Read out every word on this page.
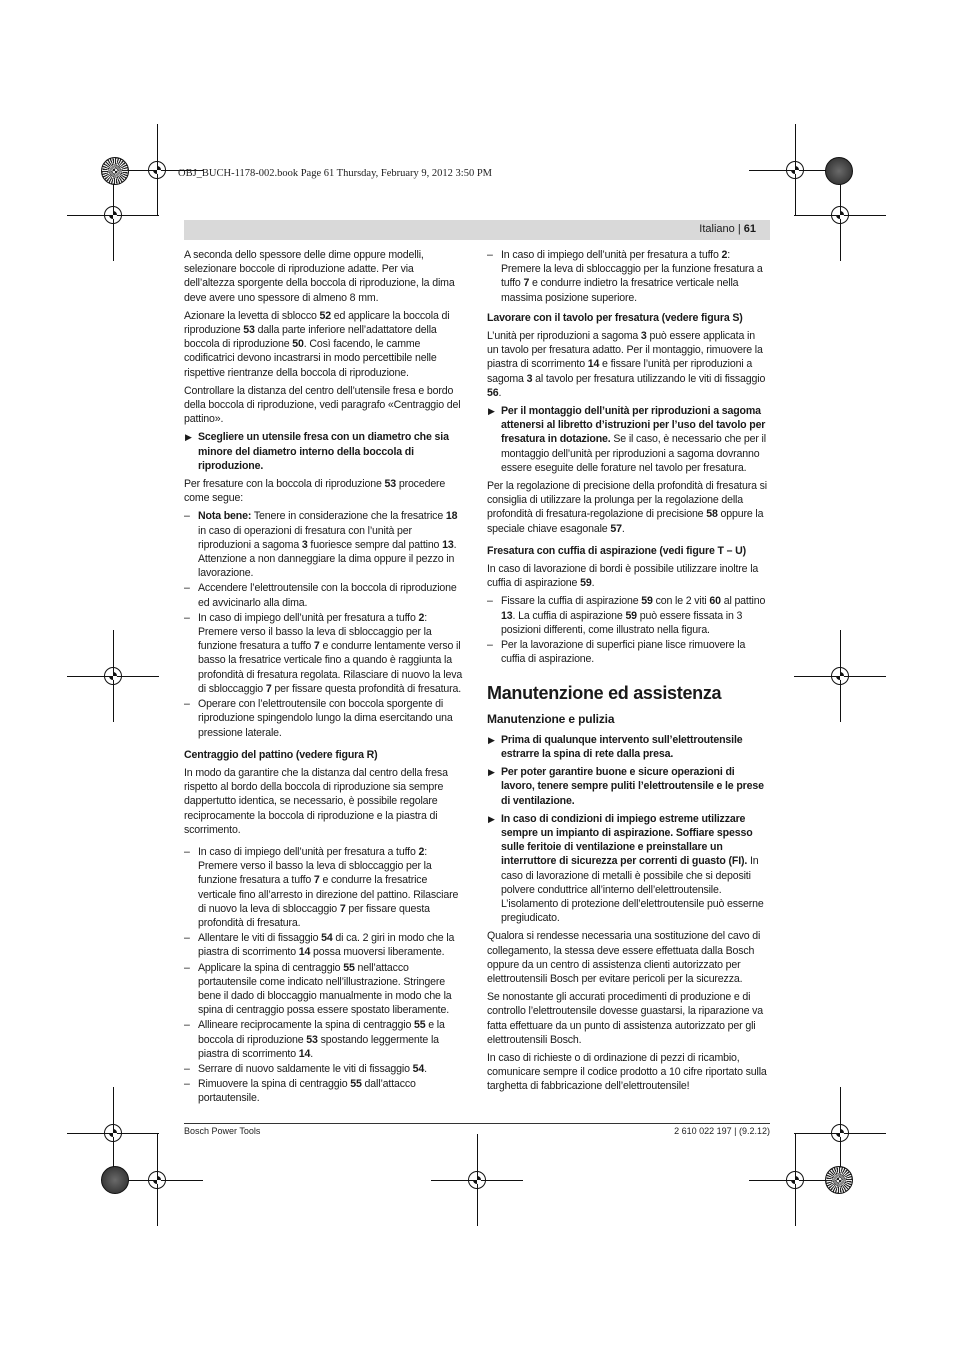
OBJ_BUCH-1178-002.book Page 61 Thursday, February 9, 2012 3:50 PM
Italiano | 61

A seconda dello spessore delle dime oppure modelli, selezionare boccole di riproduzione adatte. Per via dell’altezza sporgente della boccola di riproduzione, la dima deve avere uno spessore di almeno 8 mm.

Azionare la levetta di sblocco 52 ed applicare la boccola di riproduzione 53 dalla parte inferiore nell’adattatore della boccola di riproduzione 50. Così facendo, le camme codificatrici devono incastrarsi in modo percettibile nelle rispettive rientranze della boccola di riproduzione.

Controllare la distanza del centro dell’utensile fresa e bordo della boccola di riproduzione, vedi paragrafo «Centraggio del pattino».

▶ Scegliere un utensile fresa con un diametro che sia minore del diametro interno della boccola di riproduzione.

Per fresature con la boccola di riproduzione 53 procedere come segue:

– Nota bene: Tenere in considerazione che la fresatrice 18 in caso di operazioni di fresatura con l’unità per riproduzioni a sagoma 3 fuoriesce sempre dal pattino 13. Attenzione a non danneggiare la dima oppure il pezzo in lavorazione.
– Accendere l’elettroutensile con la boccola di riproduzione ed avvicinarlo alla dima.
– In caso di impiego dell’unità per fresatura a tuffo 2: Premere verso il basso la leva di sbloccaggio per la funzione fresatura a tuffo 7 e condurre lentamente verso il basso la fresatrice verticale fino a quando è raggiunta la profondità di fresatura regolata. Rilasciare di nuovo la leva di sbloccaggio 7 per fissare questa profondità di fresatura.
– Operare con l’elettroutensile con boccola sporgente di riproduzione spingendolo lungo la dima esercitando una pressione laterale.
Centraggio del pattino (vedere figura R)

In modo da garantire che la distanza dal centro della fresa rispetto al bordo della boccola di riproduzione sia sempre dappertutto identica, se necessario, è possibile regolare reciprocamente la boccola di riproduzione e la piastra di scorrimento.

– In caso di impiego dell’unità per fresatura a tuffo 2: Premere verso il basso la leva di sbloccaggio per la funzione fresatura a tuffo 7 e condurre la fresatrice verticale fino all’arresto in direzione del pattino. Rilasciare di nuovo la leva di sbloccaggio 7 per fissare questa profondità di fresatura.
– Allentare le viti di fissaggio 54 di ca. 2 giri in modo che la piastra di scorrimento 14 possa muoversi liberamente.
– Applicare la spina di centraggio 55 nell’attacco portautensile come indicato nell’illustrazione. Stringere bene il dado di bloccaggio manualmente in modo che la spina di centraggio possa essere spostato liberamente.
– Allineare reciprocamente la spina di centraggio 55 e la boccola di riproduzione 53 spostando leggermente la piastra di scorrimento 14.
– Serrare di nuovo saldamente le viti di fissaggio 54.
– Rimuovere la spina di centraggio 55 dall’attacco portautensile.
– In caso di impiego dell’unità per fresatura a tuffo 2: Premere la leva di sbloccaggio per la funzione fresatura a tuffo 7 e condurre indietro la fresatrice verticale nella massima posizione superiore.
Lavorare con il tavolo per fresatura (vedere figura S)

L’unità per riproduzioni a sagoma 3 può essere applicata in un tavolo per fresatura adatto. Per il montaggio, rimuovere la piastra di scorrimento 14 e fissare l’unità per riproduzioni a sagoma 3 al tavolo per fresatura utilizzando le viti di fissaggio 56.

▶ Per il montaggio dell’unità per riproduzioni a sagoma attenersi al libretto d’istruzioni per l’uso del tavolo per fresatura in dotazione. Se il caso, è necessario che per il montaggio dell’unità per riproduzioni a sagoma dovranno essere eseguite delle forature nel tavolo per fresatura.

Per la regolazione di precisione della profondità di fresatura si consiglia di utilizzare la prolunga per la regolazione della profondità di fresatura-regolazione di precisione 58 oppure la speciale chiave esagonale 57.

Fresatura con cuffia di aspirazione (vedi figure T – U)

In caso di lavorazione di bordi è possibile utilizzare inoltre la cuffia di aspirazione 59.

– Fissare la cuffia di aspirazione 59 con le 2 viti 60 al pattino 13. La cuffia di aspirazione 59 può essere fissata in 3 posizioni differenti, come illustrato nella figura.
– Per la lavorazione di superfici piane lisce rimuovere la cuffia di aspirazione.
Manutenzione ed assistenza
Manutenzione e pulizia
▶ Prima di qualunque intervento sull’elettroutensile estrarre la spina di rete dalla presa.
▶ Per poter garantire buone e sicure operazioni di lavoro, tenere sempre puliti l’elettroutensile e le prese di ventilazione.
▶ In caso di condizioni di impiego estreme utilizzare sempre un impianto di aspirazione. Soffiare spesso sulle feritoie di ventilazione e preinstallare un interruttore di sicurezza per correnti di guasto (FI). In caso di lavorazione di metalli è possibile che si depositi polvere conduttrice all’interno dell’elettroutensile. L’isolamento di protezione dell’elettroutensile può esserne pregiudicato.

Qualora si rendesse necessaria una sostituzione del cavo di collegamento, la stessa deve essere effettuata dalla Bosch oppure da un centro di assistenza clienti autorizzato per elettroutensili Bosch per evitare pericoli per la sicurezza.

Se nonostante gli accurati procedimenti di produzione e di controllo l’elettroutensile dovesse guastarsi, la riparazione va fatta effettuare da un punto di assistenza autorizzato per gli elettroutensili Bosch.

In caso di richieste o di ordinazione di pezzi di ricambio, comunicare sempre il codice prodotto a 10 cifre riportato sulla targhetta di fabbricazione dell’elettroutensile!

Bosch Power Tools	2 610 022 197 | (9.2.12)
